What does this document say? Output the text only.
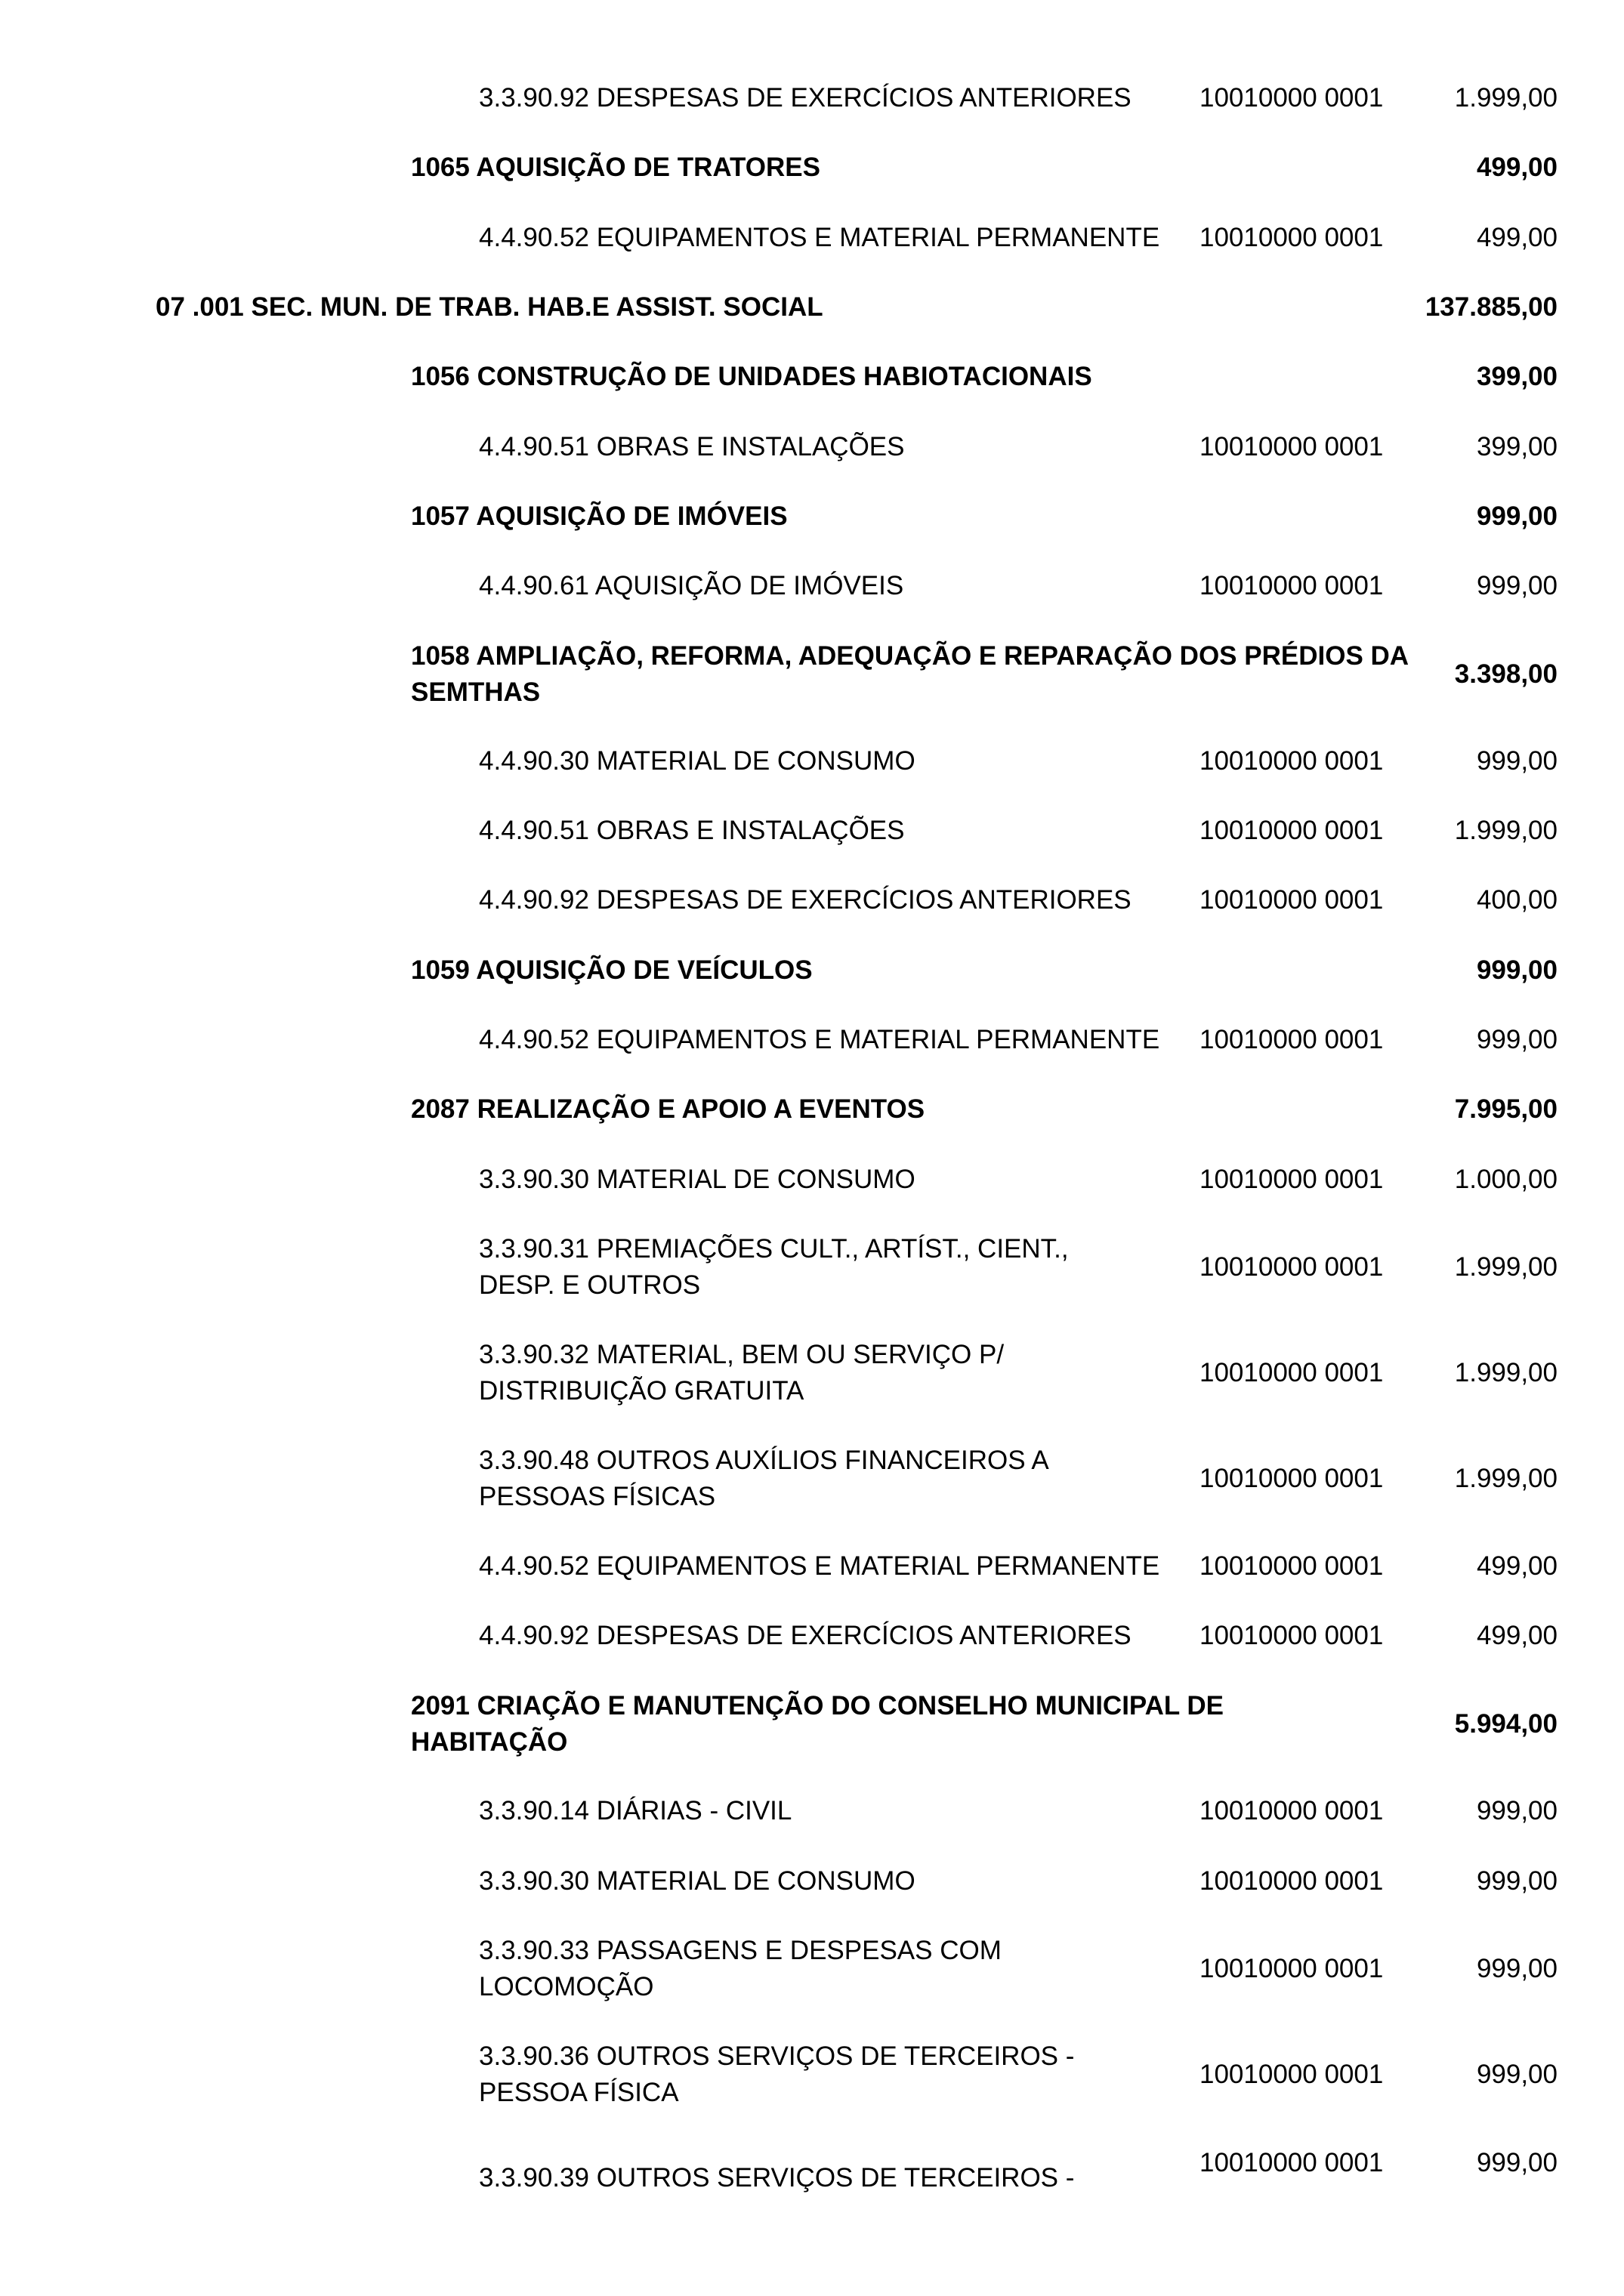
3.3.90.92 DESPESAS DE EXERCÍCIOS ANTERIORES	10010000 0001	1.999,00
1065 AQUISIÇÃO DE TRATORES	499,00
4.4.90.52 EQUIPAMENTOS E MATERIAL PERMANENTE 10010000 0001	499,00
07 .001 SEC. MUN. DE TRAB. HAB.E ASSIST. SOCIAL	137.885,00
1056 CONSTRUÇÃO DE UNIDADES HABIOTACIONAIS	399,00
4.4.90.51 OBRAS E INSTALAÇÕES	10010000 0001	399,00
1057 AQUISIÇÃO DE IMÓVEIS	999,00
4.4.90.61 AQUISIÇÃO DE IMÓVEIS	10010000 0001	999,00
1058 AMPLIAÇÃO, REFORMA, ADEQUAÇÃO E REPARAÇÃO DOS PRÉDIOS DA SEMTHAS
3.398,00
4.4.90.30 MATERIAL DE CONSUMO	10010000 0001	999,00
4.4.90.51 OBRAS E INSTALAÇÕES	10010000 0001	1.999,00
4.4.90.92 DESPESAS DE EXERCÍCIOS ANTERIORES	10010000 0001	400,00
1059 AQUISIÇÃO DE VEÍCULOS	999,00
4.4.90.52 EQUIPAMENTOS E MATERIAL PERMANENTE 10010000 0001	999,00
2087 REALIZAÇÃO E APOIO A EVENTOS	7.995,00
3.3.90.30 MATERIAL DE CONSUMO	10010000 0001	1.000,00
3.3.90.31 PREMIAÇÕES CULT., ARTÍST., CIENT., DESP. E OUTROS
10010000 0001	1.999,00
3.3.90.32 MATERIAL, BEM OU SERVIÇO P/ DISTRIBUIÇÃO GRATUITA
10010000 0001	1.999,00
3.3.90.48 OUTROS AUXÍLIOS FINANCEIROS A PESSOAS FÍSICAS
10010000 0001	1.999,00
4.4.90.52 EQUIPAMENTOS E MATERIAL PERMANENTE 10010000 0001	499,00
4.4.90.92 DESPESAS DE EXERCÍCIOS ANTERIORES	10010000 0001	499,00
2091 CRIAÇÃO E MANUTENÇÃO DO CONSELHO MUNICIPAL DE HABITAÇÃO
5.994,00
3.3.90.14 DIÁRIAS - CIVIL	10010000 0001	999,00
3.3.90.30 MATERIAL DE CONSUMO	10010000 0001	999,00
3.3.90.33 PASSAGENS E DESPESAS COM LOCOMOÇÃO
10010000 0001	999,00
3.3.90.36 OUTROS SERVIÇOS DE TERCEIROS - PESSOA FÍSICA
10010000 0001	999,00
3.3.90.39 OUTROS SERVIÇOS DE TERCEIROS -
10010000 0001	999,00
